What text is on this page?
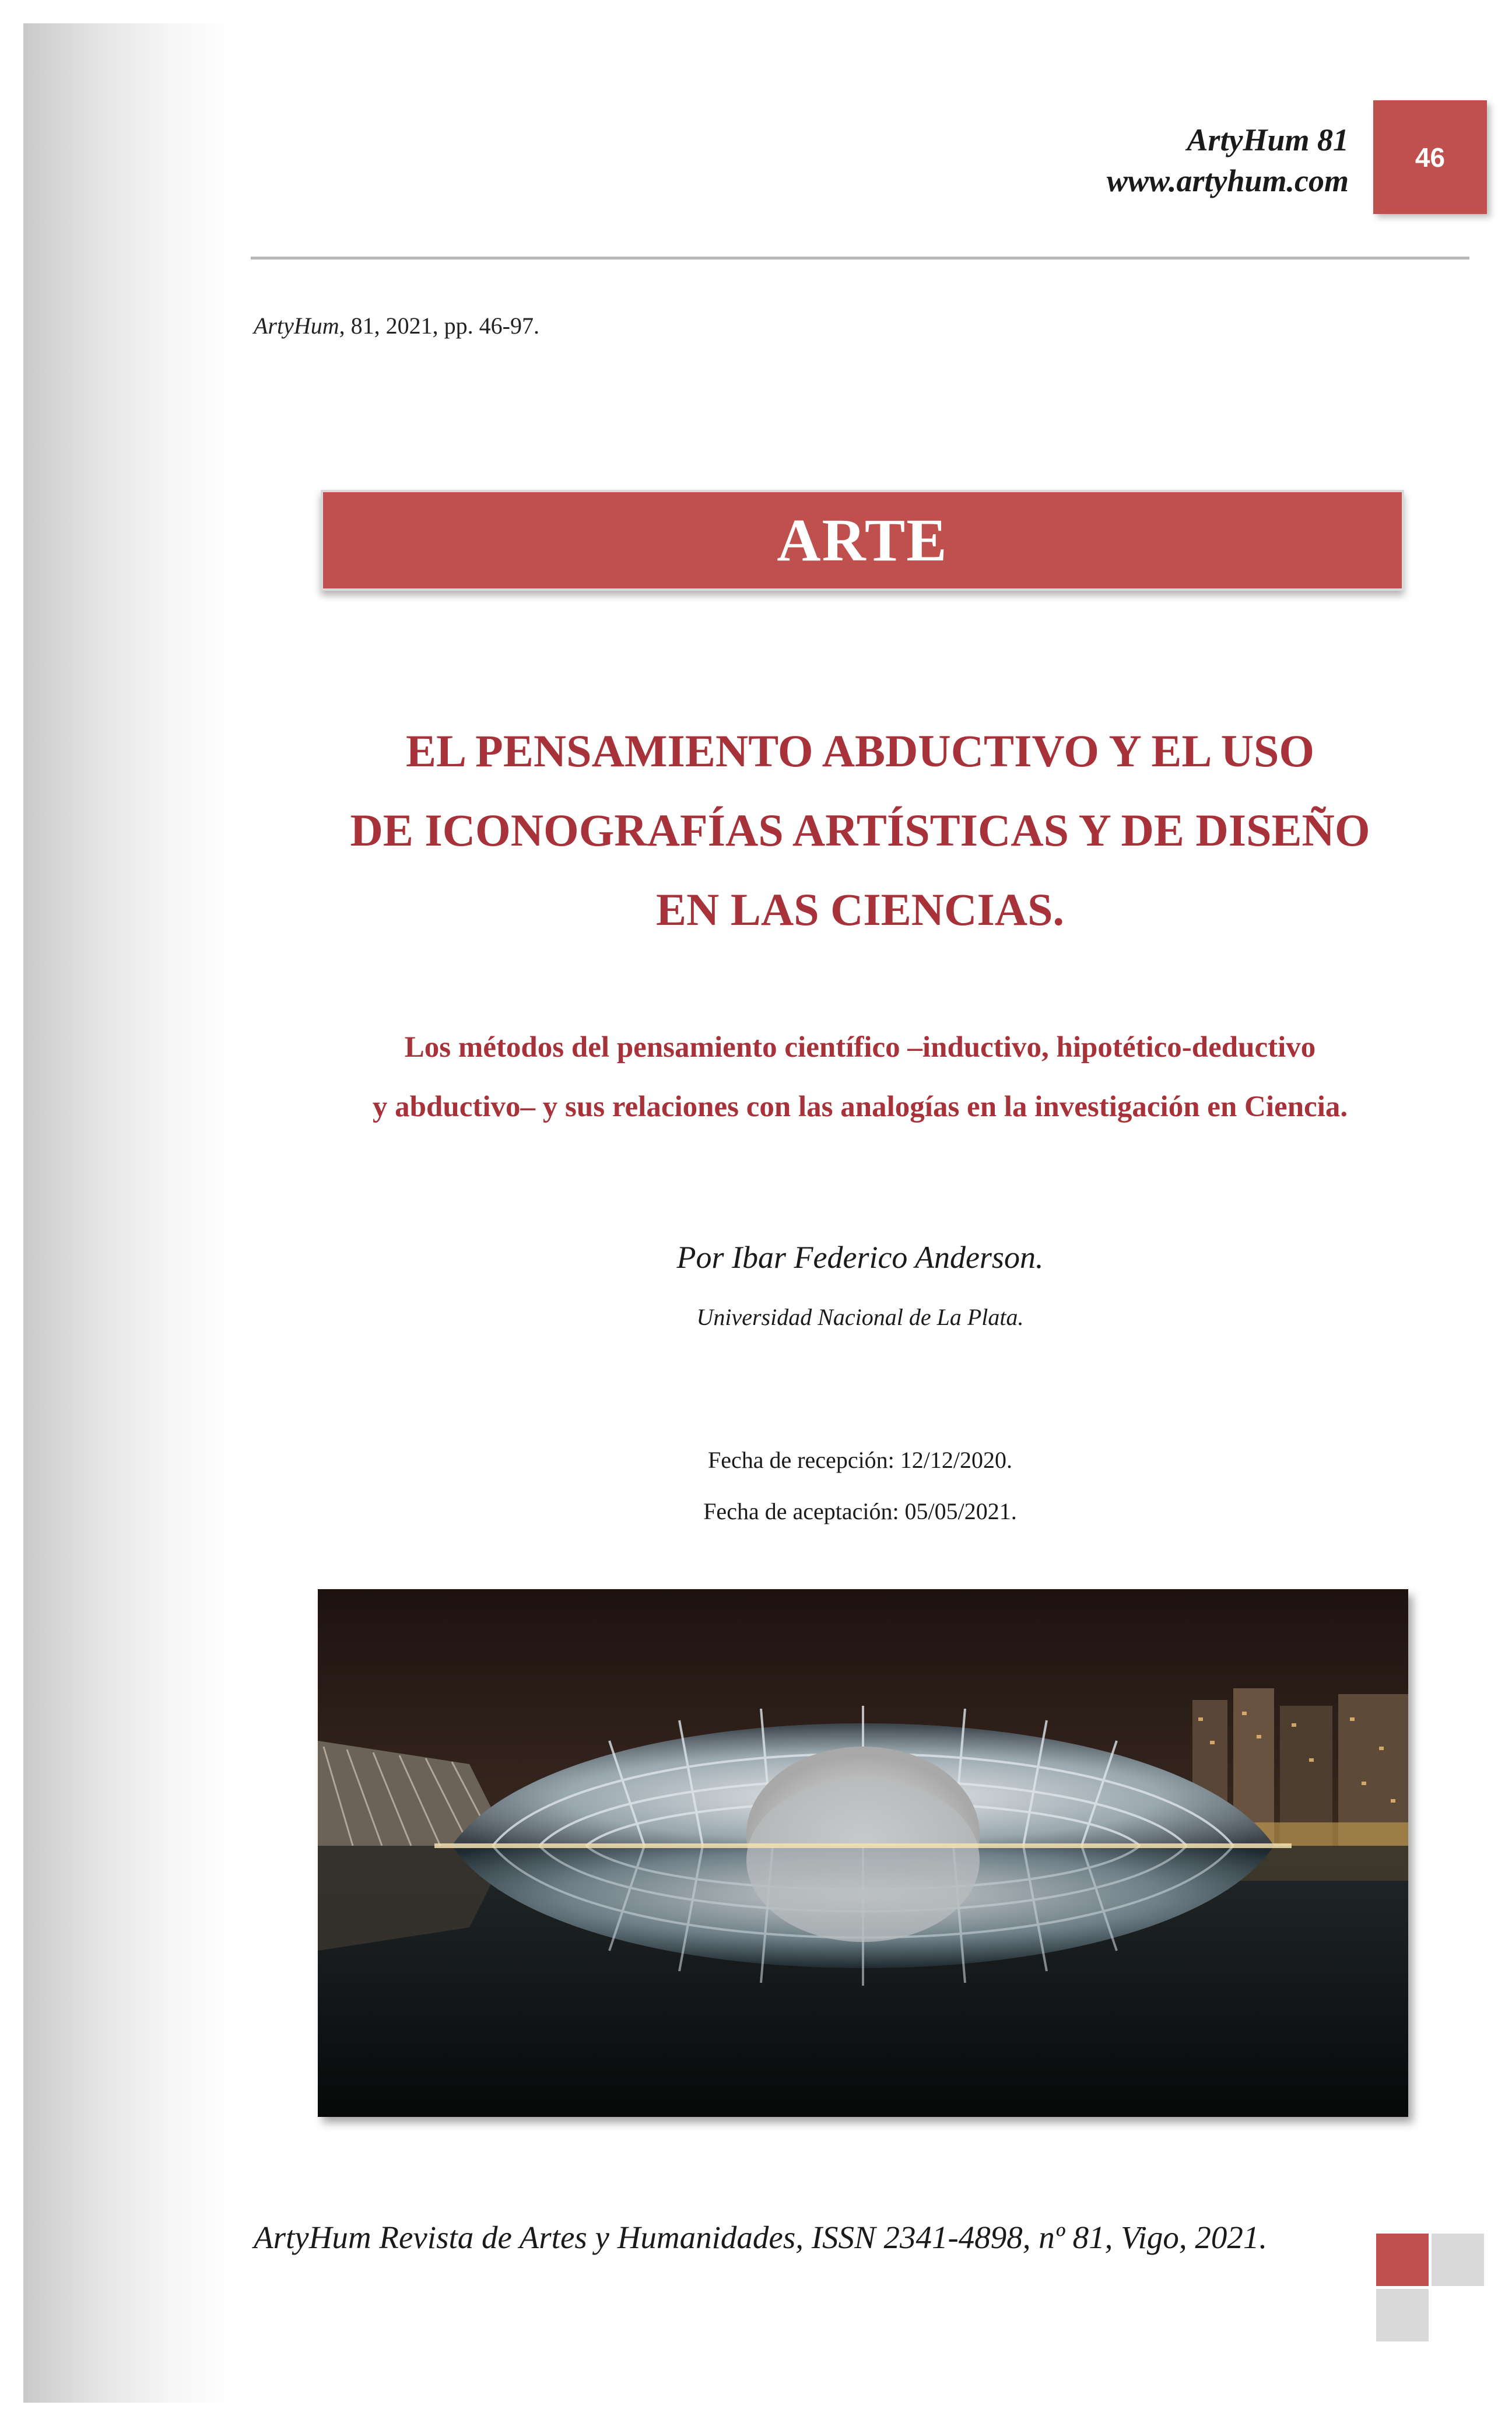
ArtyHum 81
www.artyhum.com
46
ArtyHum, 81, 2021, pp. 46-97.
ARTE
EL PENSAMIENTO ABDUCTIVO Y EL USO
DE ICONOGRAFÍAS ARTÍSTICAS Y DE DISEÑO
EN LAS CIENCIAS.
Los métodos del pensamiento científico –inductivo, hipotético-deductivo
y abductivo– y sus relaciones con las analogías en la investigación en Ciencia.
Por Ibar Federico Anderson.
Universidad Nacional de La Plata.
Fecha de recepción: 12/12/2020.
Fecha de aceptación: 05/05/2021.
ArtyHum Revista de Artes y Humanidades, ISSN 2341-4898, nº 81, Vigo, 2021.
